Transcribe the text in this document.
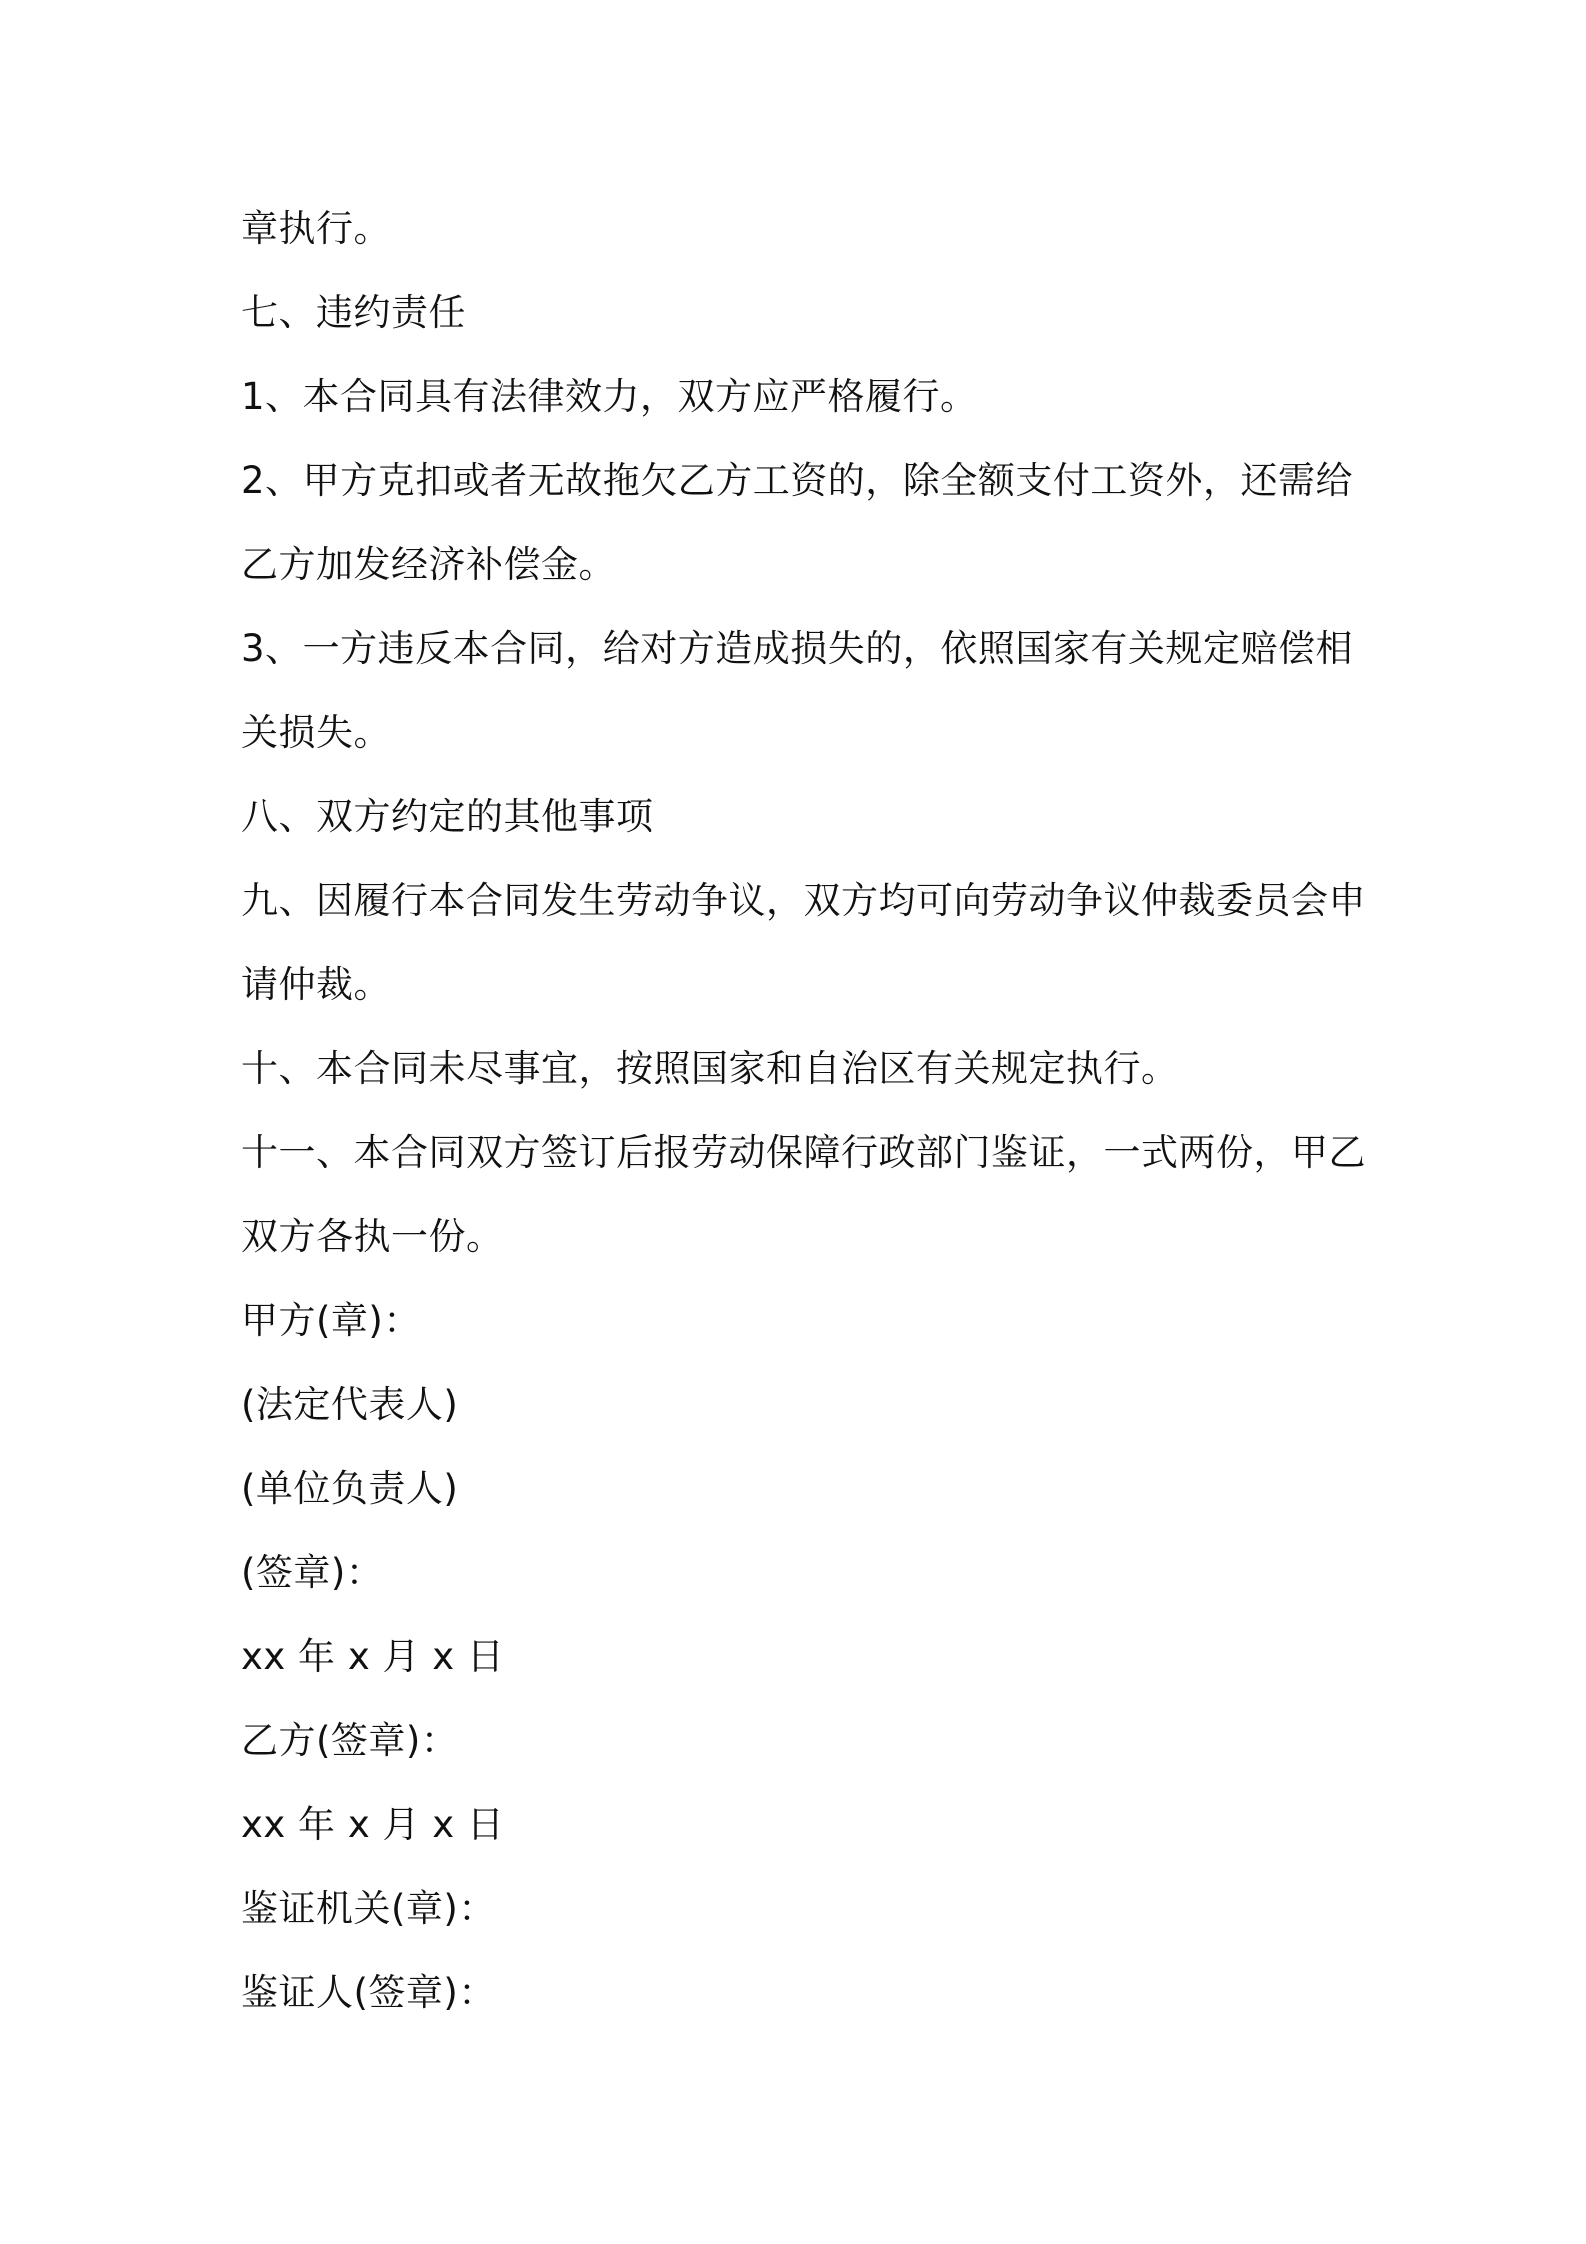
章执行。
七、违约责任
1、本合同具有法律效力，双方应严格履行。
2、甲方克扣或者无故拖欠乙方工资的，除全额支付工资外，还需给
乙方加发经济补偿金。
3、一方违反本合同，给对方造成损失的，依照国家有关规定赔偿相
关损失。
八、双方约定的其他事项
九、因履行本合同发生劳动争议，双方均可向劳动争议仲裁委员会申
请仲裁。
十、本合同未尽事宜，按照国家和自治区有关规定执行。
十一、本合同双方签订后报劳动保障行政部门鉴证，一式两份，甲乙
双方各执一份。
甲方(章)：
(法定代表人)
(单位负责人)
(签章)：
xx 年 x 月 x 日
乙方(签章)：
xx 年 x 月 x 日
鉴证机关(章)：
鉴证人(签章)：
